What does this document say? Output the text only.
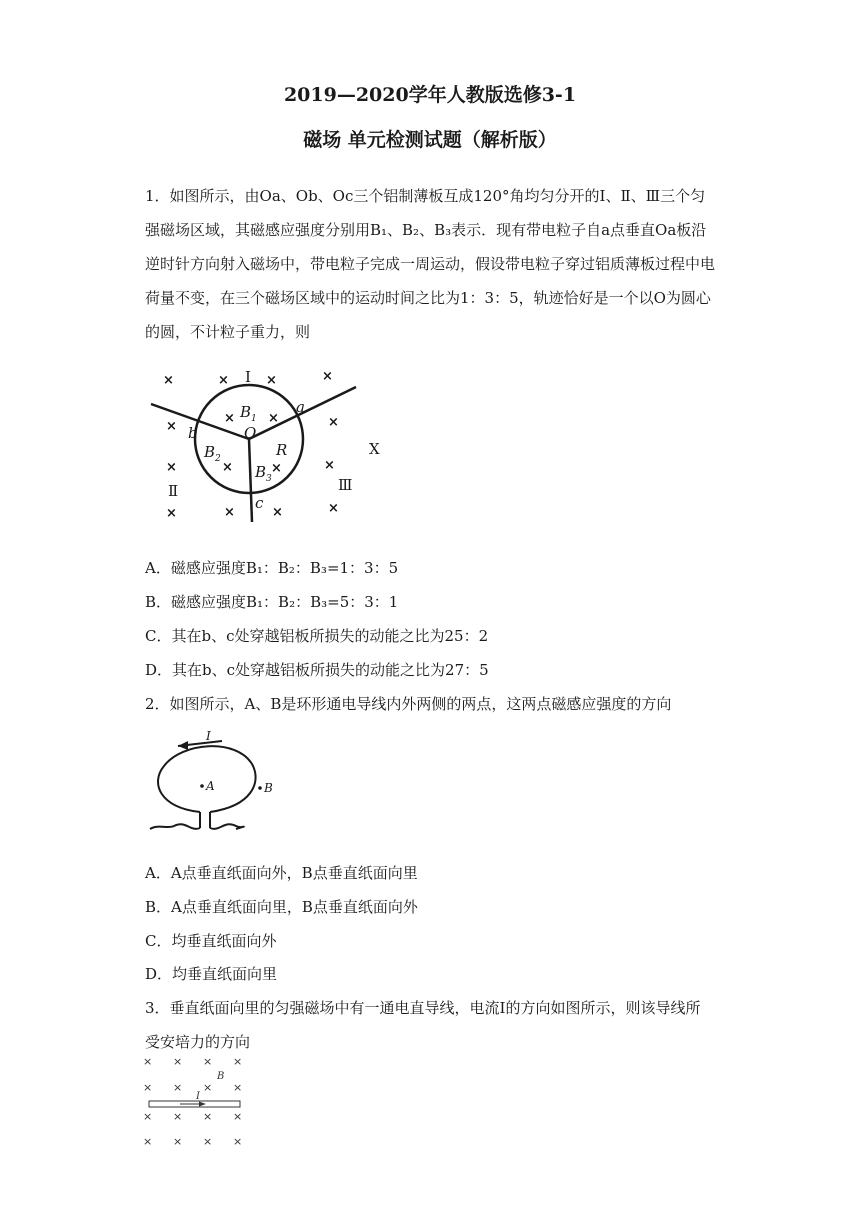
2019—2020学年人教版选修3-1
磁场 单元检测试题（解析版）
1．如图所示，由Oa、Ob、Oc三个铝制薄板互成120°角均匀分开的Ⅰ、Ⅱ、Ⅲ三个匀
强磁场区域，其磁感应强度分别用B₁、B₂、B₃表示．现有带电粒子自a点垂直Oa板沿
逆时针方向射入磁场中，带电粒子完成一周运动，假设带电粒子穿过铝质薄板过程中电
荷量不变，在三个磁场区域中的运动时间之比为1：3：5，轨迹恰好是一个以O为圆心
的圆，不计粒子重力，则
×	×	×	×
×
×	×	×
×	×	×	×
×	×	×	×
Ⅰ
Ⅱ	Ⅲ
$B_1$
$B_2$
$B_3$
a
b
c
O
R	X
A．磁感应强度B₁：B₂：B₃=1：3：5
B．磁感应强度B₁：B₂：B₃=5：3：1
C．其在b、c处穿越铝板所损失的动能之比为25：2
D．其在b、c处穿越铝板所损失的动能之比为27：5
2．如图所示，A、B是环形通电导线内外两侧的两点，这两点磁感应强度的方向
I
A	B
A．A点垂直纸面向外，B点垂直纸面向里
B．A点垂直纸面向里，B点垂直纸面向外
C．均垂直纸面向外
D．均垂直纸面向里
3．垂直纸面向里的匀强磁场中有一通电直导线，电流I的方向如图所示，则该导线所
受安培力的方向
× × × ×
× × × ×
× × × ×
× × × ×
B
I
